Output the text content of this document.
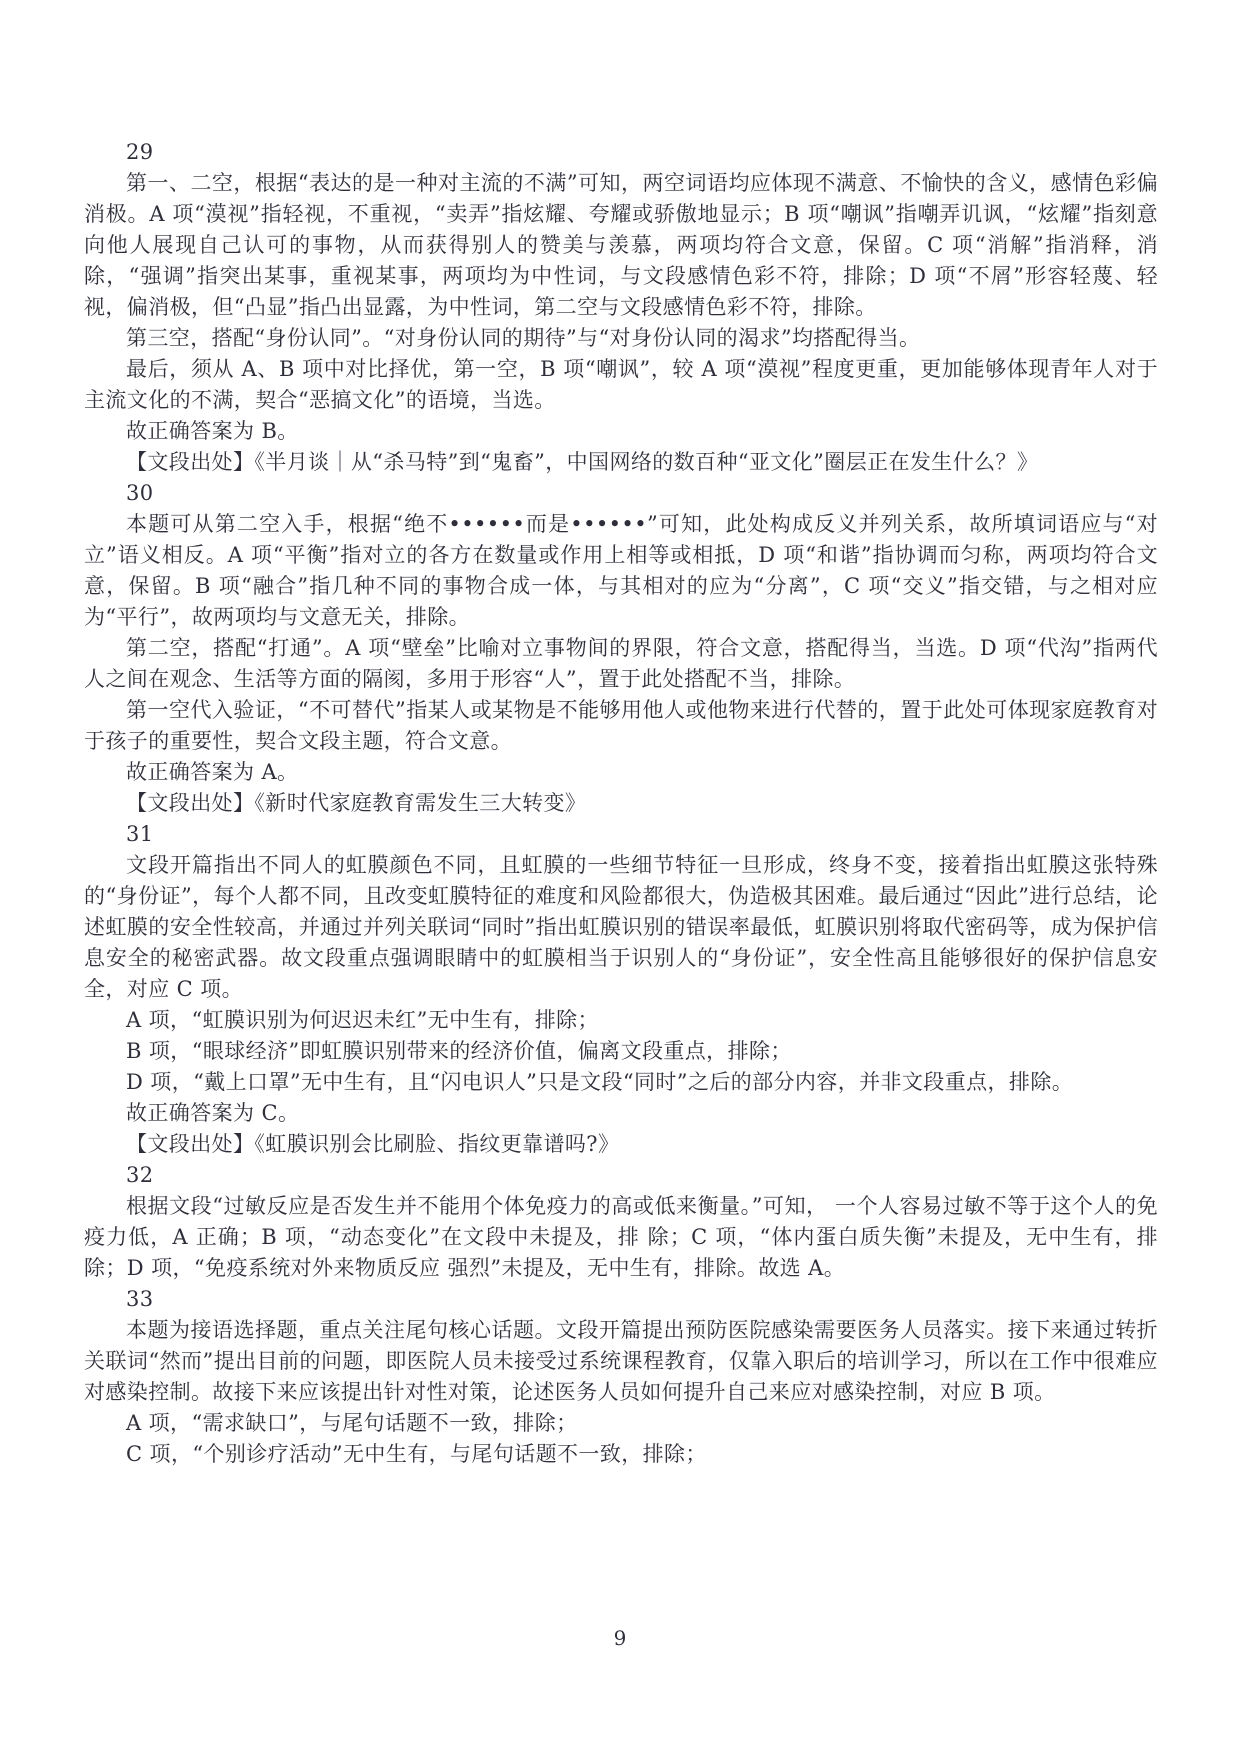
29

第一、二空，根据“表达的是一种对主流的不满”可知，两空词语均应体现不满意、不愉快的含义，感情色彩偏消极。A 项“漠视”指轻视，不重视，“卖弄”指炫耀、夸耀或骄傲地显示；B 项“嘲讽”指嘲弄讥讽，“炫耀”指刻意向他人展现自己认可的事物，从而获得别人的赞美与羡慕，两项均符合文意，保留。C 项“消解”指消释，消除，“强调”指突出某事，重视某事，两项均为中性词，与文段感情色彩不符，排除；D 项“不屑”形容轻蔑、轻视，偏消极，但“凸显”指凸出显露，为中性词，第二空与文段感情色彩不符，排除。

第三空，搭配“身份认同”。“对身份认同的期待”与“对身份认同的渴求”均搭配得当。

最后，须从 A、B 项中对比择优，第一空，B 项“嘲讽”，较 A 项“漠视”程度更重，更加能够体现青年人对于主流文化的不满，契合“恶搞文化”的语境，当选。

故正确答案为 B。

【文段出处】《半月谈｜从“杀马特”到“鬼畜”，中国网络的数百种“亚文化”圈层正在发生什么？》

30

本题可从第二空入手，根据“绝不••••••而是••••••”可知，此处构成反义并列关系，故所填词语应与“对立”语义相反。A 项“平衡”指对立的各方在数量或作用上相等或相抵，D 项“和谐”指协调而匀称，两项均符合文意，保留。B 项“融合”指几种不同的事物合成一体，与其相对的应为“分离”，C 项“交义”指交错，与之相对应为“平行”，故两项均与文意无关，排除。

第二空，搭配“打通”。A 项“壁垒”比喻对立事物间的界限，符合文意，搭配得当，当选。D 项“代沟”指两代人之间在观念、生活等方面的隔阂，多用于形容“人”，置于此处搭配不当，排除。

第一空代入验证，“不可替代”指某人或某物是不能够用他人或他物来进行代替的，置于此处可体现家庭教育对于孩子的重要性，契合文段主题，符合文意。

故正确答案为 A。

【文段出处】《新时代家庭教育需发生三大转变》

31

文段开篇指出不同人的虹膜颜色不同，且虹膜的一些细节特征一旦形成，终身不变，接着指出虹膜这张特殊的“身份证”，每个人都不同，且改变虹膜特征的难度和风险都很大，伪造极其困难。最后通过“因此”进行总结，论述虹膜的安全性较高，并通过并列关联词“同时”指出虹膜识别的错误率最低，虹膜识别将取代密码等，成为保护信息安全的秘密武器。故文段重点强调眼睛中的虹膜相当于识别人的“身份证”，安全性高且能够很好的保护信息安全，对应 C 项。

A 项，“虹膜识别为何迟迟未红”无中生有，排除；

B 项，“眼球经济”即虹膜识别带来的经济价值，偏离文段重点，排除；

D 项，“戴上口罩”无中生有，且“闪电识人”只是文段“同时”之后的部分内容，并非文段重点，排除。

故正确答案为 C。

【文段出处】《虹膜识别会比刷脸、指纹更靠谱吗?》

32

根据文段“过敏反应是否发生并不能用个体免疫力的高或低来衡量。”可知， 一个人容易过敏不等于这个人的免疫力低，A 正确；B 项，“动态变化”在文段中未提及，排 除；C 项，“体内蛋白质失衡”未提及，无中生有，排除；D 项，“免疫系统对外来物质反应 强烈”未提及，无中生有，排除。故选 A。

33

本题为接语选择题，重点关注尾句核心话题。文段开篇提出预防医院感染需要医务人员落实。接下来通过转折关联词“然而”提出目前的问题，即医院人员未接受过系统课程教育，仅靠入职后的培训学习，所以在工作中很难应对感染控制。故接下来应该提出针对性对策，论述医务人员如何提升自己来应对感染控制，对应 B 项。

A 项，“需求缺口”，与尾句话题不一致，排除；

C 项，“个别诊疗活动”无中生有，与尾句话题不一致，排除；

9
